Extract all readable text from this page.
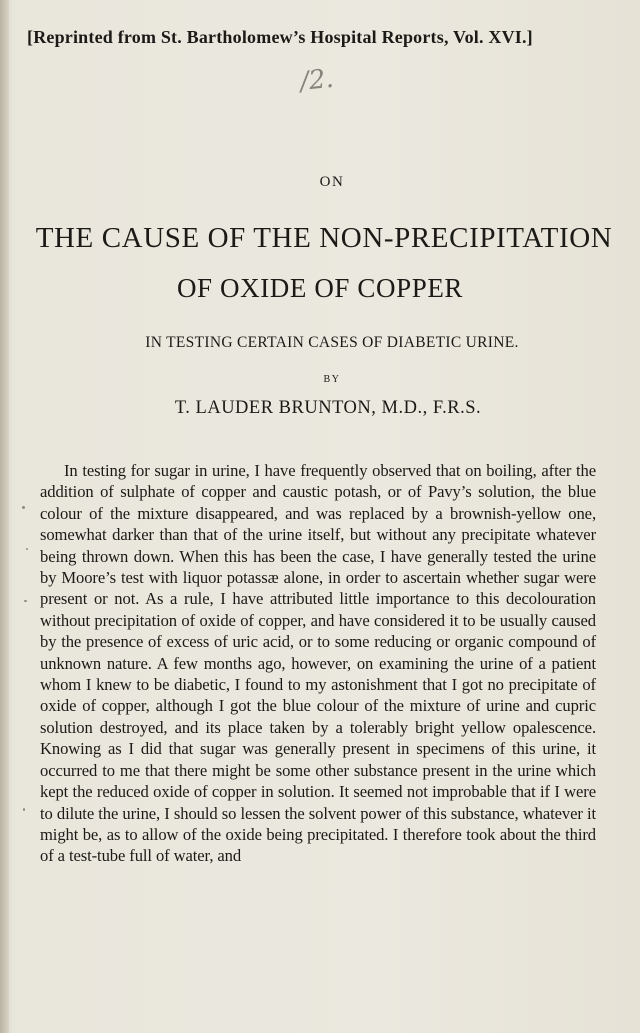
[Reprinted from St. Bartholomew’s Hospital Reports, Vol. XVI.]
/2.
ON
THE CAUSE OF THE NON-PRECIPITATION
OF OXIDE OF COPPER
IN TESTING CERTAIN CASES OF DIABETIC URINE.
BY
T. LAUDER BRUNTON, M.D., F.R.S.

In testing for sugar in urine, I have frequently observed that on boiling, after the addition of sulphate of copper and caustic potash, or of Pavy’s solution, the blue colour of the mixture disappeared, and was replaced by a brownish-yellow one, somewhat darker than that of the urine itself, but without any precipitate whatever being thrown down. When this has been the case, I have generally tested the urine by Moore’s test with liquor potassæ alone, in order to ascertain whether sugar were present or not. As a rule, I have attributed little importance to this decolouration without precipitation of oxide of copper, and have considered it to be usually caused by the presence of excess of uric acid, or to some reducing or organic compound of unknown nature. A few months ago, however, on examining the urine of a patient whom I knew to be diabetic, I found to my astonishment that I got no precipitate of oxide of copper, although I got the blue colour of the mixture of urine and cupric solution destroyed, and its place taken by a tolerably bright yellow opalescence. Knowing as I did that sugar was generally present in specimens of this urine, it occurred to me that there might be some other substance present in the urine which kept the reduced oxide of copper in solution. It seemed not improbable that if I were to dilute the urine, I should so lessen the solvent power of this substance, whatever it might be, as to allow of the oxide being precipitated. I therefore took about the third of a test-tube full of water, and
